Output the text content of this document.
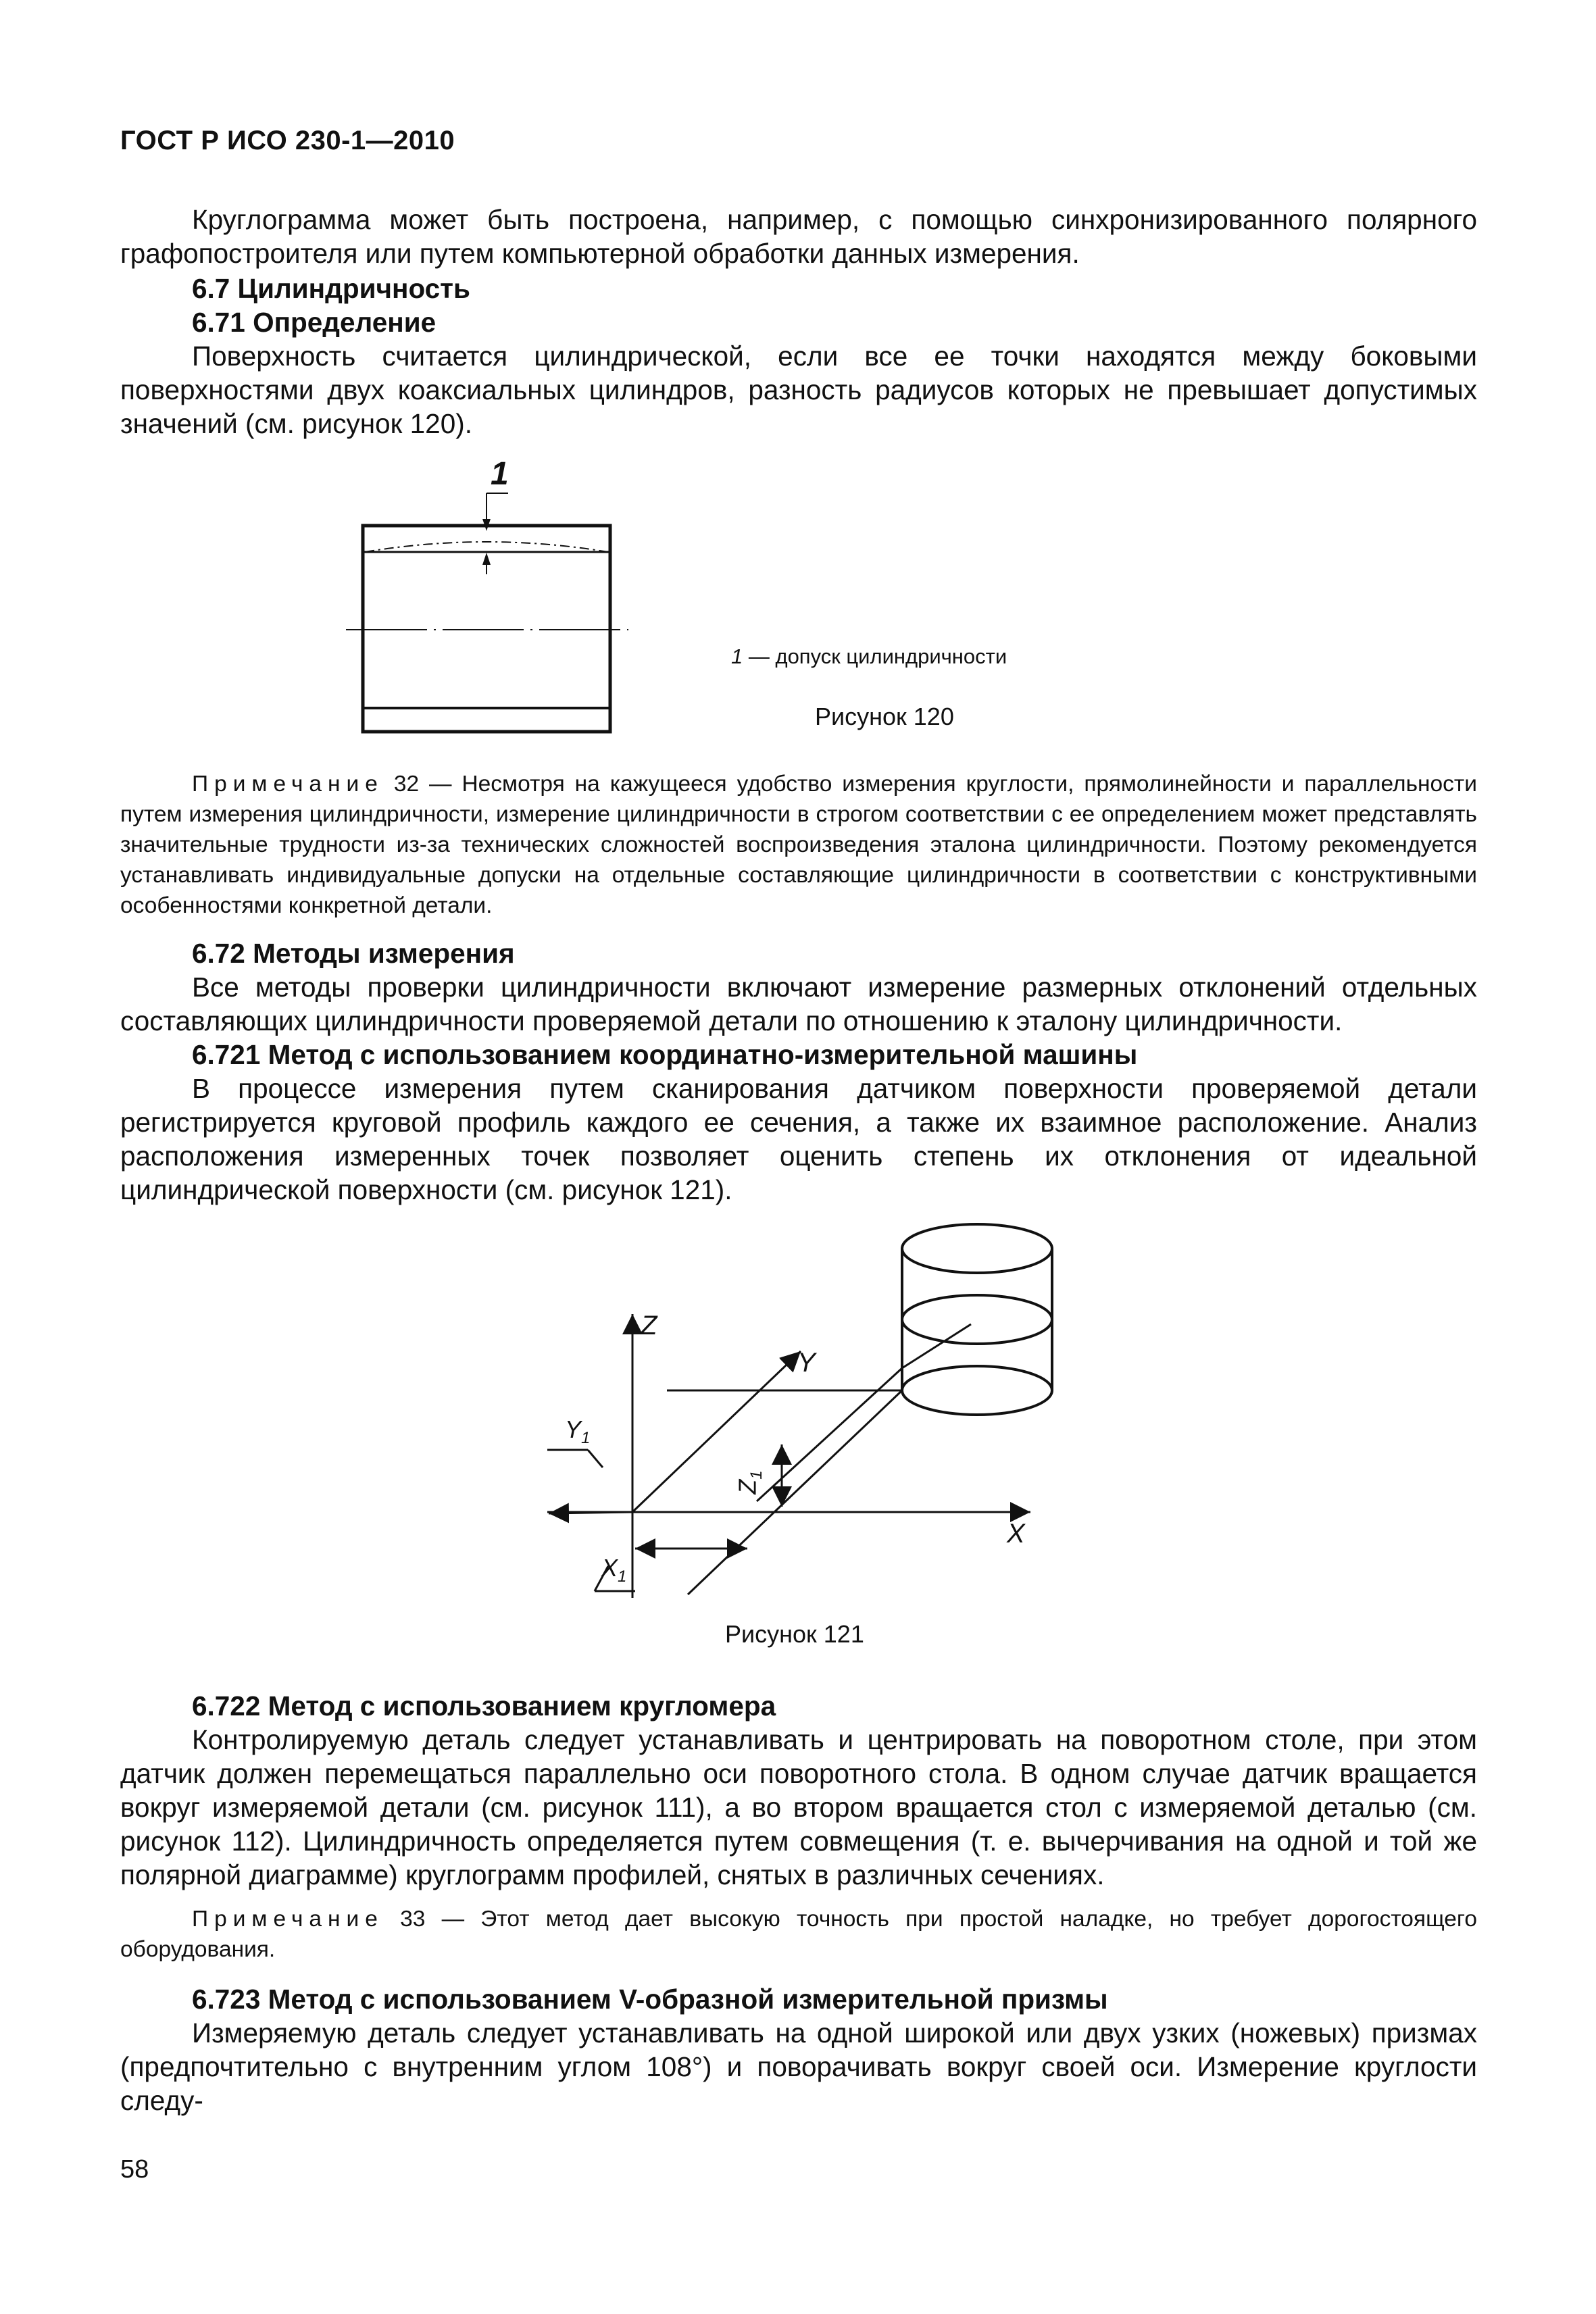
ГОСТ Р ИСО 230-1—2010

Круглограмма может быть построена, например, с помощью синхронизированного полярного графопостроителя или путем компьютерной обработки данных измерения.

6.7 Цилиндричность

6.71 Определение

Поверхность считается цилиндрической, если все ее точки находятся между боковыми поверхностями двух коаксиальных цилиндров, разность радиусов которых не превышает допустимых значений (см. рисунок 120).

1
1 — допуск цилиндричности
Рисунок 120

Примечание 32 — Несмотря на кажущееся удобство измерения круглости, прямолинейности и параллельности путем измерения цилиндричности, измерение цилиндричности в строгом соответствии с ее определением может представлять значительные трудности из-за технических сложностей воспроизведения эталона цилиндричности. Поэтому рекомендуется устанавливать индивидуальные допуски на отдельные составляющие цилиндричности в соответствии с конструктивными особенностями конкретной детали.

6.72 Методы измерения

Все методы проверки цилиндричности включают измерение размерных отклонений отдельных составляющих цилиндричности проверяемой детали по отношению к эталону цилиндричности.

6.721 Метод с использованием координатно-измерительной машины

В процессе измерения путем сканирования датчиком поверхности проверяемой детали регистрируется круговой профиль каждого ее сечения, а также их взаимное расположение. Анализ расположения измеренных точек позволяет оценить степень их отклонения от идеальной цилиндрической поверхности (см. рисунок 121).

Z
Y
X
$Y_1$
$X_1$
$Z_1$
Рисунок 121

6.722 Метод с использованием кругломера

Контролируемую деталь следует устанавливать и центрировать на поворотном столе, при этом датчик должен перемещаться параллельно оси поворотного стола. В одном случае датчик вращается вокруг измеряемой детали (см. рисунок 111), а во втором вращается стол с измеряемой деталью (см. рисунок 112). Цилиндричность определяется путем совмещения (т. е. вычерчивания на одной и той же полярной диаграмме) круглограмм профилей, снятых в различных сечениях.

Примечание 33 — Этот метод дает высокую точность при простой наладке, но требует дорогостоящего оборудования.

6.723 Метод с использованием V-образной измерительной призмы

Измеряемую деталь следует устанавливать на одной широкой или двух узких (ножевых) призмах (предпочтительно с внутренним углом 108°) и поворачивать вокруг своей оси. Измерение круглости следу-

58
